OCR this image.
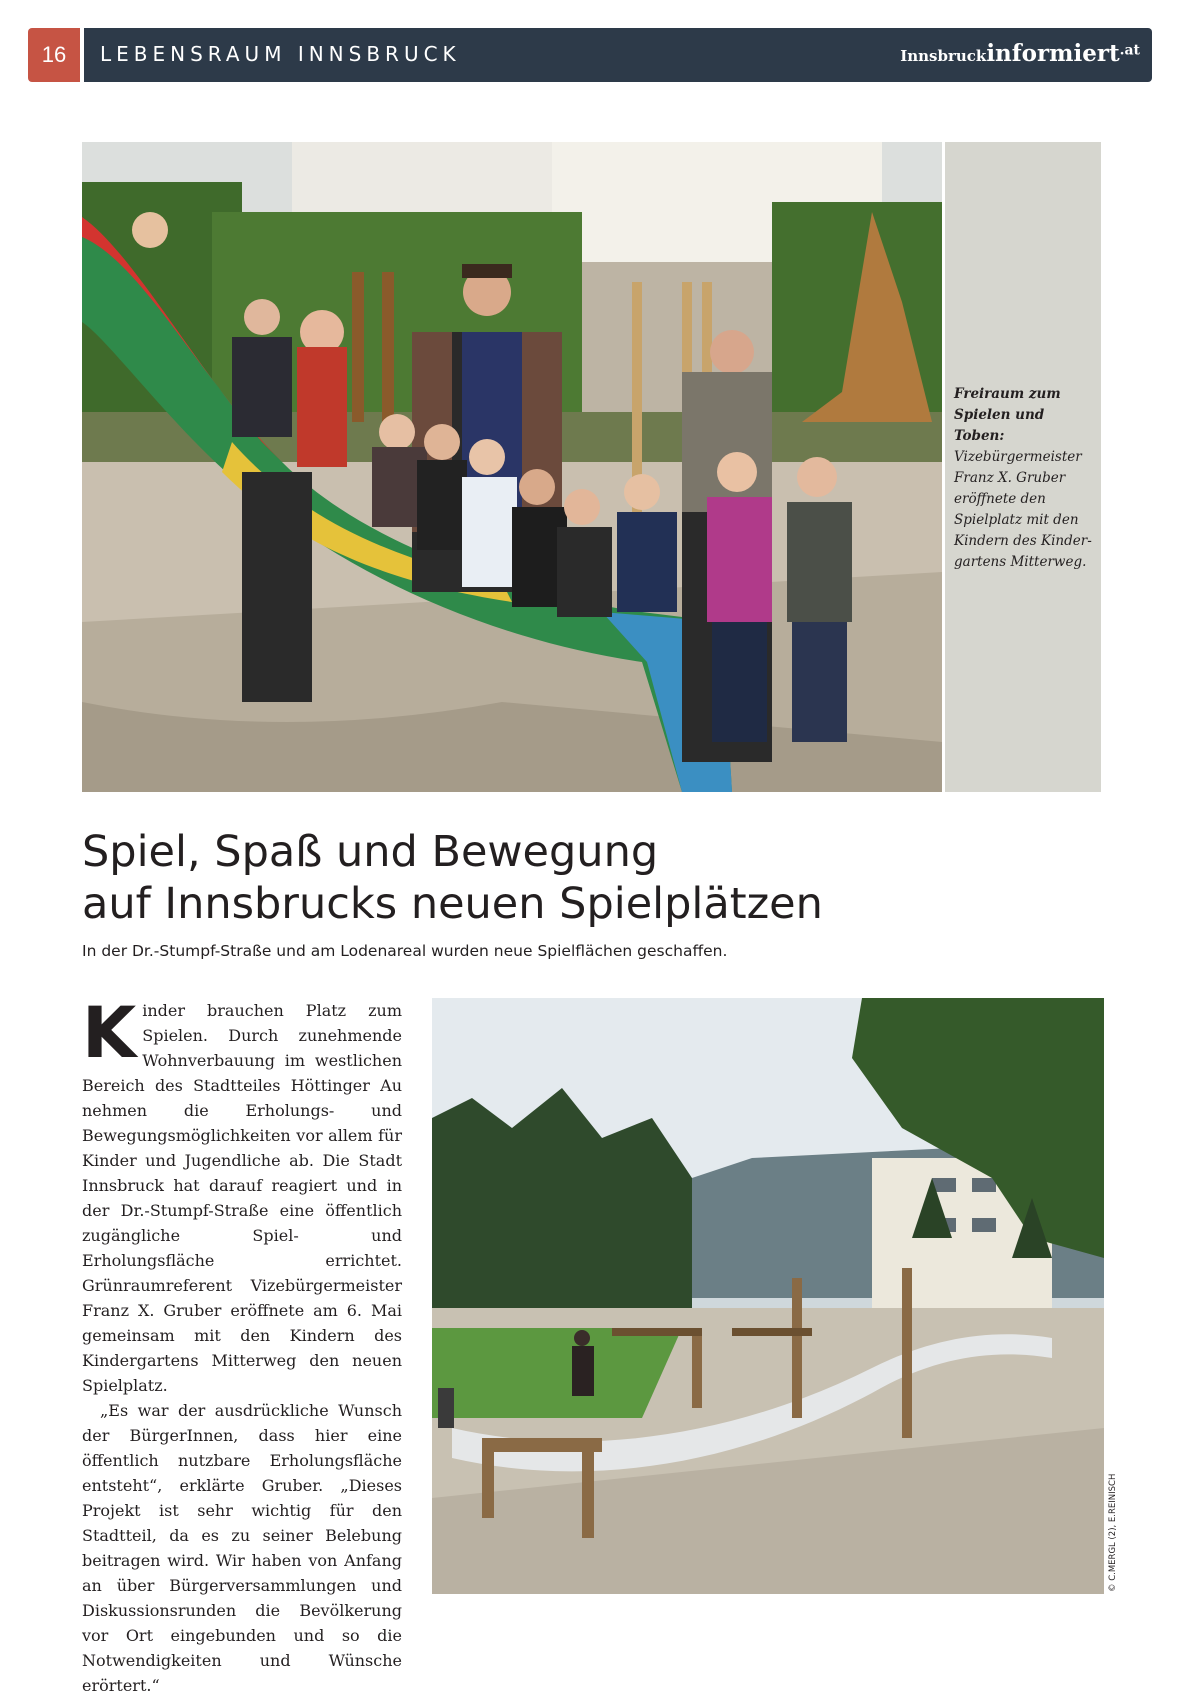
16	LEBENSRAUM INNSBRUCK	Innsbruckinformiert.at
Freiraum zum Spielen und Toben: Vizebürgermeister Franz X. Gruber eröffnete den Spielplatz mit den Kindern des Kindergartens Mitterweg.
Spiel, Spaß und Bewegung
auf Innsbrucks neuen Spielplätzen
In der Dr.-Stumpf-Straße und am Lodenareal wurden neue Spielflächen geschaffen.

Kinder brauchen Platz zum Spielen. Durch zunehmende Wohnverbauung im westlichen Bereich des Stadtteiles Höttinger Au nehmen die Erholungs- und Bewegungsmöglichkeiten vor allem für Kinder und Jugendliche ab. Die Stadt Innsbruck hat darauf reagiert und in der Dr.-Stumpf-Straße eine öffentlich zugängliche Spiel- und Erholungsfläche errichtet. Grünraumreferent Vizebürgermeister Franz X. Gruber eröffnete am 6. Mai gemeinsam mit den Kindern des Kindergartens Mitterweg den neuen Spielplatz.

„Es war der ausdrückliche Wunsch der BürgerInnen, dass hier eine öffentlich nutzbare Erholungsfläche entsteht“, erklärte Gruber. „Dieses Projekt ist sehr wichtig für den Stadtteil, da es zu seiner Belebung beitragen wird. Wir haben von Anfang an über Bürgerversammlungen und Diskussionsrunden die Bevölkerung vor Ort eingebunden und so die Notwendigkeiten und Wünsche erörtert.“

© C.MERGL (2), E.REINISCH
